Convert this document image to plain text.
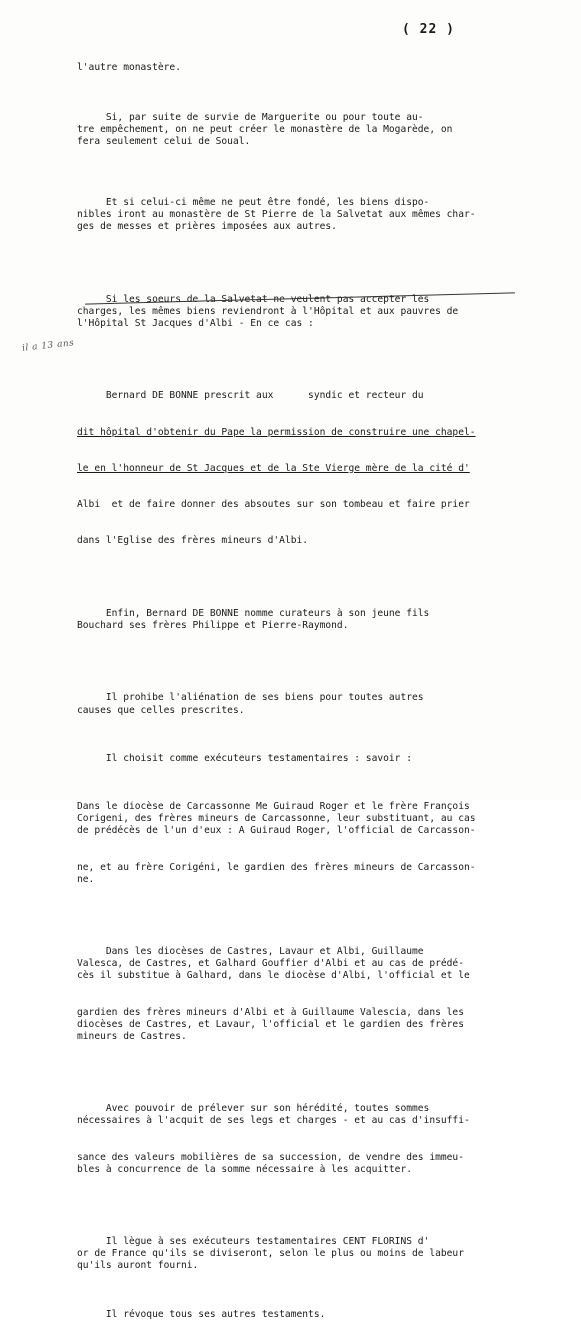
( 22 )
il a 13 ans
l'autre monastère.

Si, par suite de survie de Marguerite ou pour toute au-
tre empêchement, on ne peut créer le monastère de la Mogarède, on
fera seulement celui de Soual.

Et si celui-ci même ne peut être fondé, les biens dispo-
nibles iront au monastère de St Pierre de la Salvetat aux mêmes char-
ges de messes et prières imposées aux autres.

Si les soeurs de la Salvetat ne veulent pas accepter les
charges, les mêmes biens reviendront à l'Hôpital et aux pauvres de
l'Hôpital St Jacques d'Albi - En ce cas :

Bernard DE BONNE prescrit aux      syndic et recteur du

dit hôpital d'obtenir du Pape la permission de construire une chapel-

le en l'honneur de St Jacques et de la Ste Vierge mère de la cité d'

Albi  et de faire donner des absoutes sur son tombeau et faire prier

dans l'Eglise des frères mineurs d'Albi.

Enfin, Bernard DE BONNE nomme curateurs à son jeune fils
Bouchard ses frères Philippe et Pierre-Raymond.

Il prohibe l'aliénation de ses biens pour toutes autres
causes que celles prescrites.

Il choisit comme exécuteurs testamentaires : savoir :

Dans le diocèse de Carcassonne Me Guiraud Roger et le frère François
Corigeni, des frères mineurs de Carcassonne, leur substituant, au cas
de prédécès de l'un d'eux : A Guiraud Roger, l'official de Carcasson-

ne, et au frère Corigéni, le gardien des frères mineurs de Carcasson-
ne.

Dans les diocèses de Castres, Lavaur et Albi, Guillaume
Valesca, de Castres, et Galhard Gouffier d'Albi et au cas de prédé-
cès il substitue à Galhard, dans le diocèse d'Albi, l'official et le

gardien des frères mineurs d'Albi et à Guillaume Valescia, dans les
diocèses de Castres, et Lavaur, l'official et le gardien des frères
mineurs de Castres.

Avec pouvoir de prélever sur son hérédité, toutes sommes
nécessaires à l'acquit de ses legs et charges - et au cas d'insuffi-

sance des valeurs mobilières de sa succession, de vendre des immeu-
bles à concurrence de la somme nécessaire à les acquitter.

Il lègue à ses exécuteurs testamentaires CENT FLORINS d'
or de France qu'ils se diviseront, selon le plus ou moins de labeur
qu'ils auront fourni.

Il révoque tous ses autres testaments.
